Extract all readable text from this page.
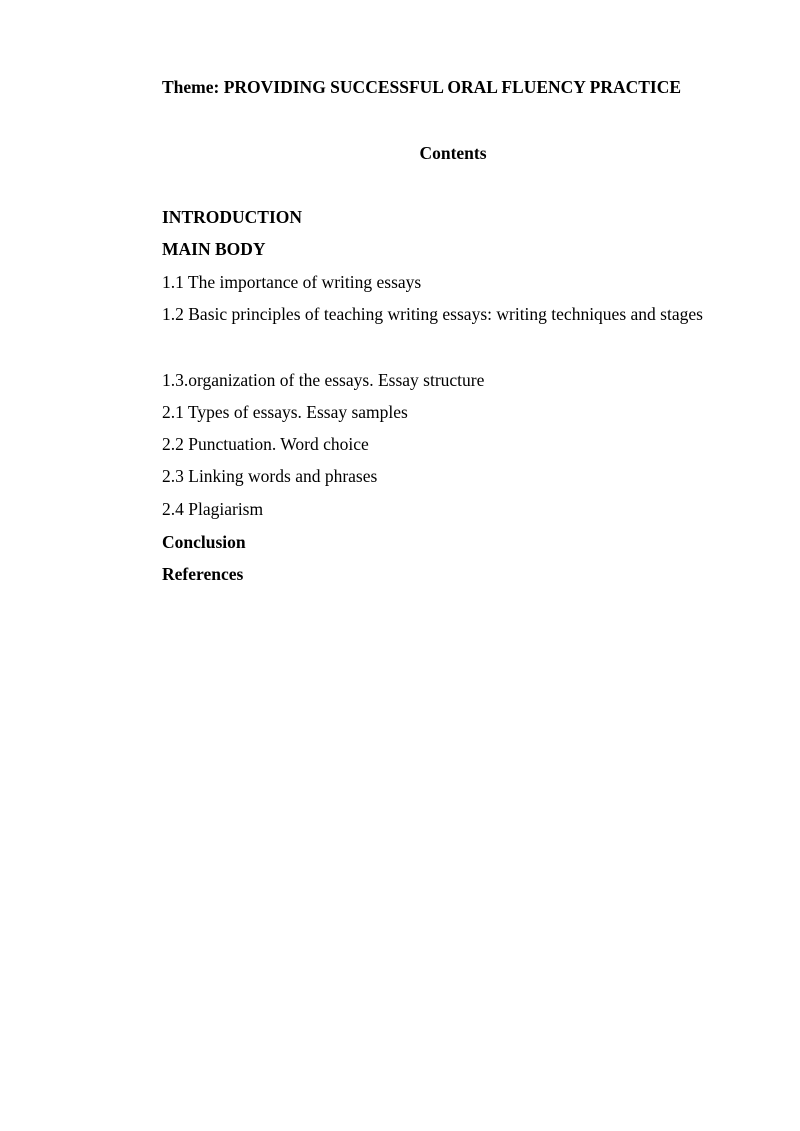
Theme: PROVIDING SUCCESSFUL ORAL FLUENCY PRACTICE
Contents
INTRODUCTION
MAIN BODY
1.1 The importance of writing essays
1.2 Basic principles of teaching writing essays: writing techniques and stages
1.3.organization of the essays. Essay structure
2.1 Types of essays. Essay samples
2.2 Punctuation. Word choice
2.3 Linking words and phrases
2.4 Plagiarism
Conclusion
References
